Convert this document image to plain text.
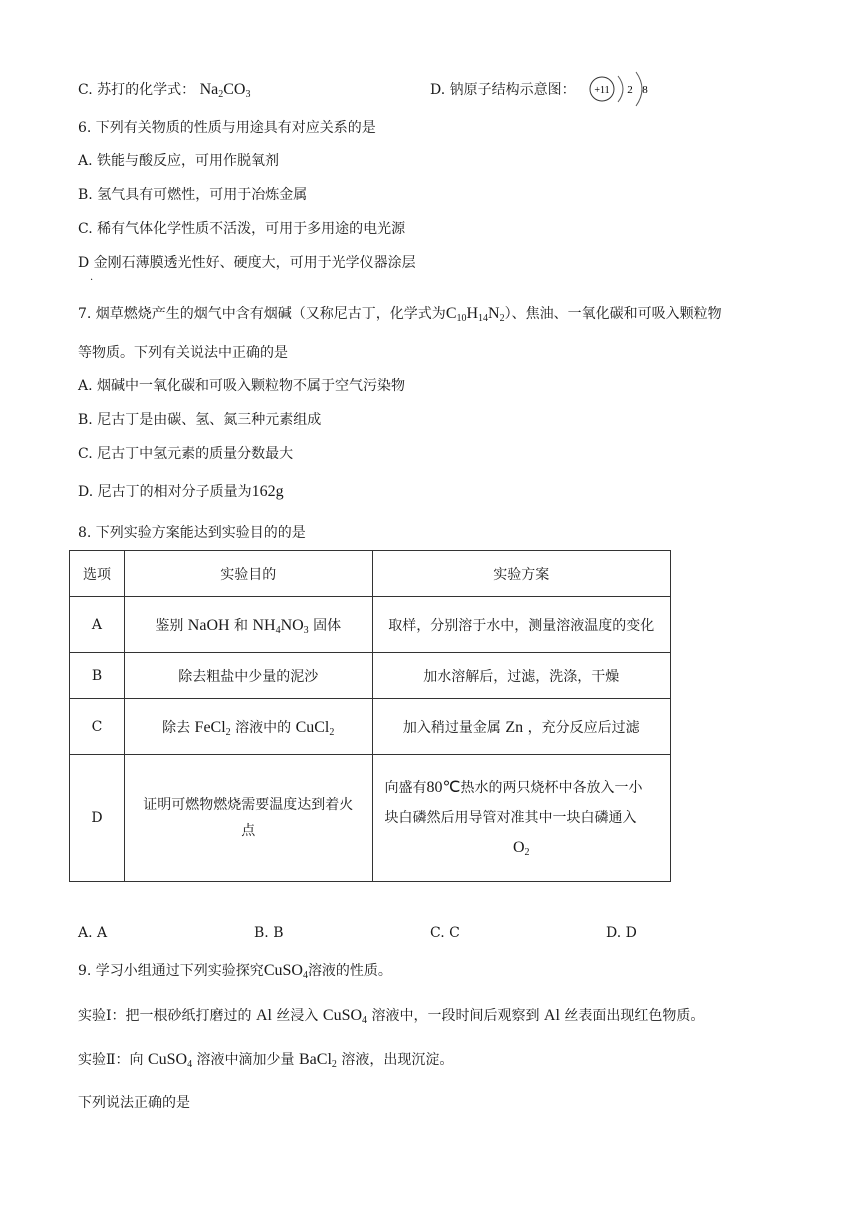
C. 苏打的化学式： $Na_2CO_3$	D. 钠原子结构示意图： +11 2 8
6. 下列有关物质的性质与用途具有对应关系的是
A. 铁能与酸反应，可用作脱氧剂
B. 氢气具有可燃性，可用于冶炼金属
C. 稀有气体化学性质不活泼，可用于多用途的电光源
D 金刚石薄膜透光性好、硬度大，可用于光学仪器涂层
.
7. 烟草燃烧产生的烟气中含有烟碱（又称尼古丁，化学式为$C_{10}H_{14}N_2$）、焦油、一氧化碳和可吸入颗粒物
等物质。下列有关说法中正确的是
A. 烟碱中一氧化碳和可吸入颗粒物不属于空气污染物
B. 尼古丁是由碳、氢、氮三种元素组成
C. 尼古丁中氢元素的质量分数最大
D. 尼古丁的相对分子质量为162g
8. 下列实验方案能达到实验目的的是
选项	实验目的	实验方案
A	鉴别 NaOH 和 $NH_4NO_3$ 固体	取样，分别溶于水中，测量溶液温度的变化
B	除去粗盐中少量的泥沙	加水溶解后，过滤，洗涤，干燥
C	除去 FeCl$_2$ 溶液中的 CuCl$_2$	加入稍过量金属 Zn ，充分反应后过滤
D	证明可燃物燃烧需要温度达到着火点	向盛有80℃热水的两只烧杯中各放入一小
块白磷然后用导管对准其中一块白磷通入
$O_2$
A. A	B. B	C. C	D. D
9. 学习小组通过下列实验探究CuSO$_4$溶液的性质。
实验Ⅰ：把一根砂纸打磨过的 Al 丝浸入 CuSO$_4$ 溶液中，一段时间后观察到 Al 丝表面出现红色物质。
实验Ⅱ：向 CuSO$_4$ 溶液中滴加少量 BaCl$_2$ 溶液，出现沉淀。
下列说法正确的是
